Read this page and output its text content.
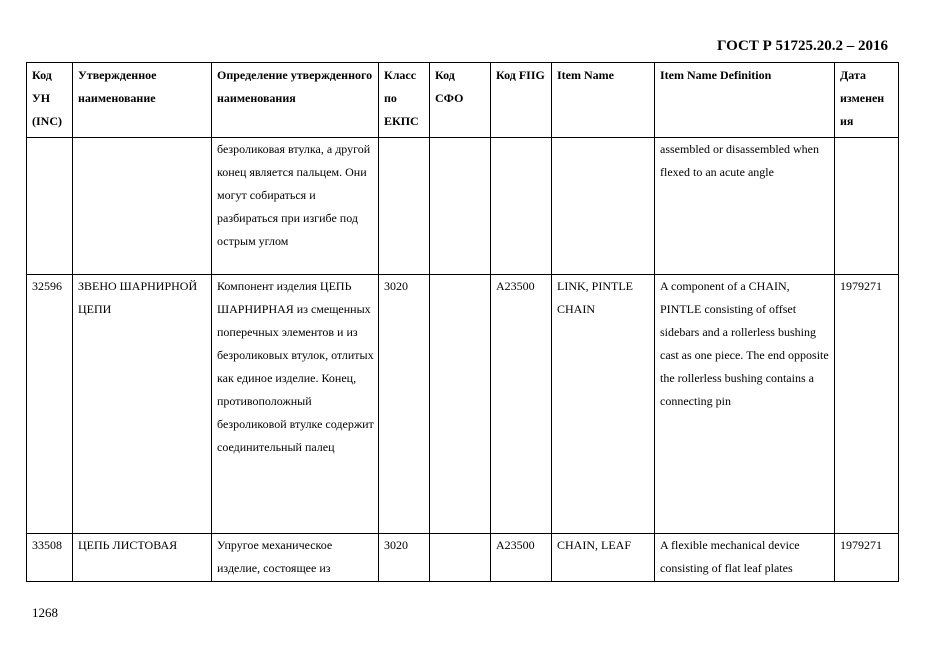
ГОСТ Р 51725.20.2 – 2016
Код УН (INC)	Утвержденное наименование	Определение утвержденного наименования	Класс по ЕКПС	Код СФО	Код FIIG	Item Name	Item Name Definition	Дата изменен ия
		безроликовая втулка, а другой конец является пальцем. Они могут собираться и разбираться при изгибе под острым углом					assembled or disassembled when flexed to an acute angle	
32596	ЗВЕНО ШАРНИРНОЙ ЦЕПИ	Компонент изделия ЦЕПЬ ШАРНИРНАЯ из смещенных поперечных элементов и из безроликовых втулок, отлитых как единое изделие. Конец, противоположный безроликовой втулке содержит соединительный палец	3020		A23500	LINK, PINTLE CHAIN	A component of a CHAIN, PINTLE consisting of offset sidebars and a rollerless bushing cast as one piece. The end opposite the rollerless bushing contains a connecting pin	1979271
33508	ЦЕПЬ ЛИСТОВАЯ	Упругое механическое изделие, состоящее из	3020		A23500	CHAIN, LEAF	A flexible mechanical device consisting of flat leaf plates	1979271
1268
